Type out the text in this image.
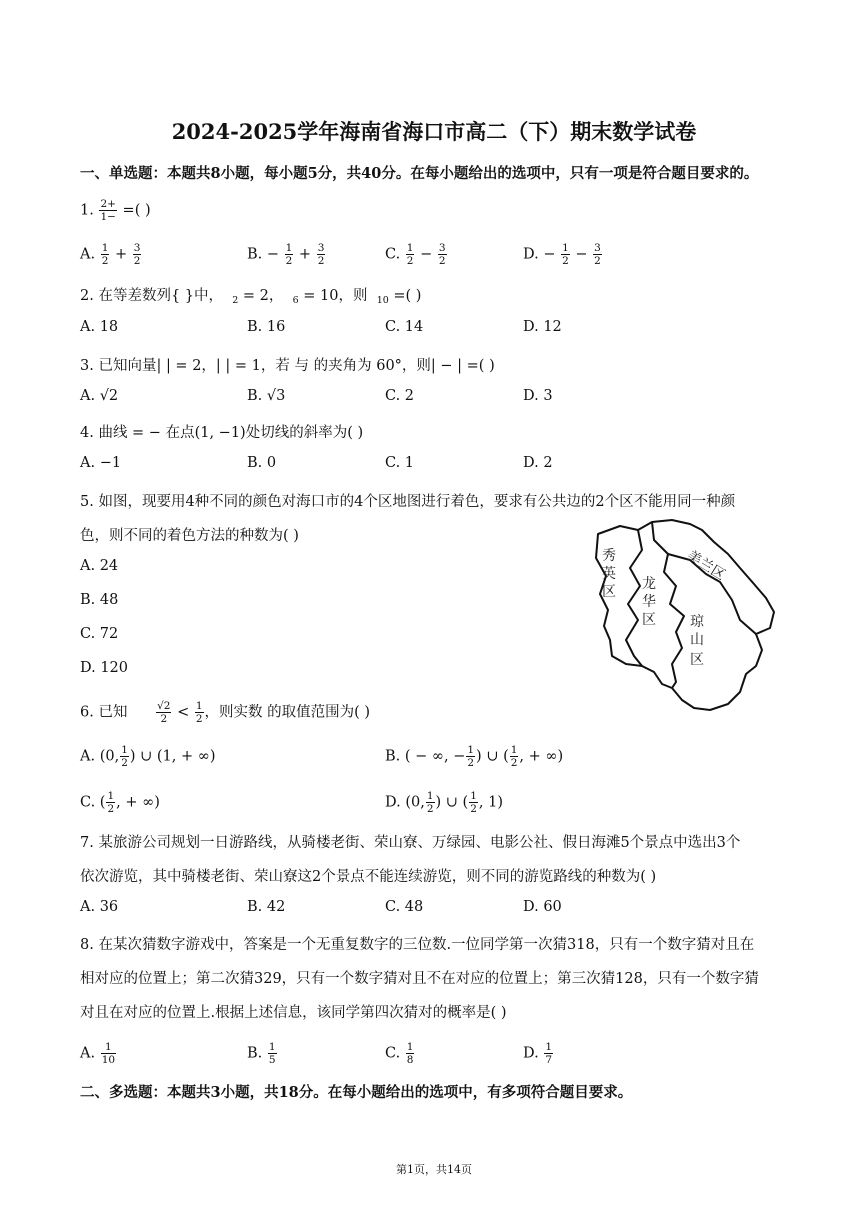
2024-2025学年海南省海口市高二（下）期末数学试卷
一、单选题：本题共8小题，每小题5分，共40分。在每小题给出的选项中，只有一项是符合题目要求的。
1. $\frac{2+}{1-}$ =( )
A. $\frac{1}{2} + \frac{3}{2}$	B. − $\frac{1}{2} + \frac{3}{2}$	C. $\frac{1}{2} - \frac{3}{2}$	D. − $\frac{1}{2} - \frac{3}{2}$
2. 在等差数列{ }中， $_2$ = 2， $_6$ = 10，则 $_{10}$ =( )
A. 18	B. 16	C. 14	D. 12
3. 已知向量| | = 2，| | = 1，若 与 的夹角为 60°，则| − | =( )
A. √2	B. √3	C. 2	D. 3
4. 曲线 = − 在点(1, −1)处切线的斜率为( )
A. −1	B. 0	C. 1	D. 2
5. 如图，现要用4种不同的颜色对海口市的4个区地图进行着色，要求有公共边的2个区不能用同一种颜
色，则不同的着色方法的种数为( )
A. 24
B. 48
C. 72
D. 120
秀
英
区 龙
华
区
美兰区
琼
山
区
6. 已知	$\frac{√2}{2} < \frac{1}{2}$ ，则实数 的取值范围为( )
A. (0, $\frac{1}{2}$ ) ∪ (1, + ∞)	B. ( − ∞, − $\frac{1}{2}$ ) ∪ ( $\frac{1}{2}$ , + ∞)
C. ( $\frac{1}{2}$ , + ∞)	D. (0, $\frac{1}{2}$ ) ∪ ( $\frac{1}{2}$ , 1)
7. 某旅游公司规划一日游路线，从骑楼老街、荣山寮、万绿园、电影公社、假日海滩5个景点中选出3个
依次游览，其中骑楼老街、荣山寮这2个景点不能连续游览，则不同的游览路线的种数为( )
A. 36	B. 42	C. 48	D. 60
8. 在某次猜数字游戏中，答案是一个无重复数字的三位数.一位同学第一次猜318，只有一个数字猜对且在
相对应的位置上；第二次猜329，只有一个数字猜对且不在对应的位置上；第三次猜128，只有一个数字猜
对且在对应的位置上.根据上述信息，该同学第四次猜对的概率是( )
A. $\frac{1}{10}$	B. $\frac{1}{5}$	C. $\frac{1}{8}$	D. $\frac{1}{7}$
二、多选题：本题共3小题，共18分。在每小题给出的选项中，有多项符合题目要求。
第1页，共14页
